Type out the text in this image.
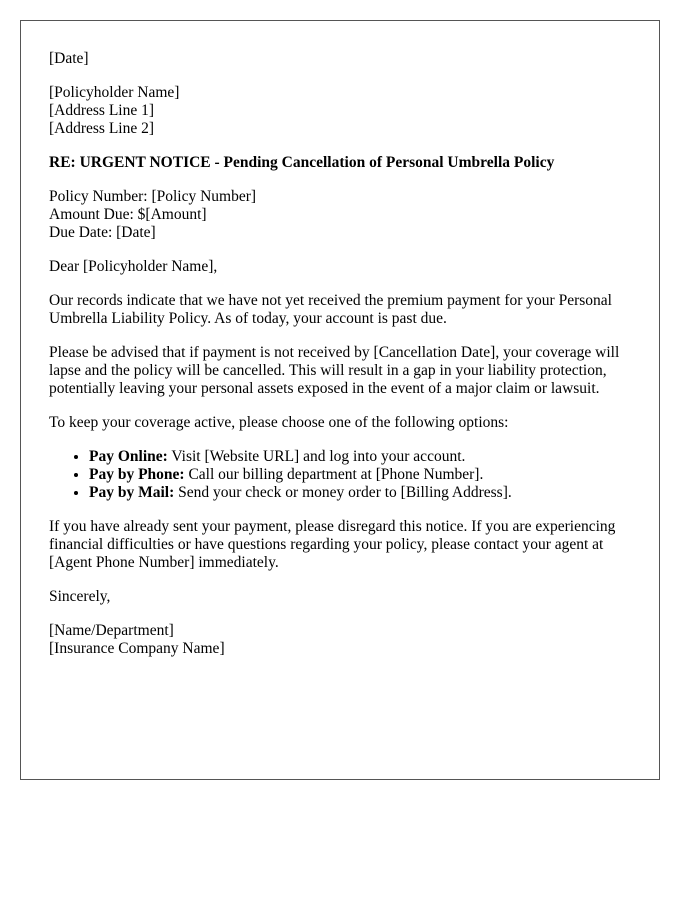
[Date]
[Policyholder Name]
[Address Line 1]
[Address Line 2]
RE: URGENT NOTICE - Pending Cancellation of Personal Umbrella Policy
Policy Number: [Policy Number]
Amount Due: $[Amount]
Due Date: [Date]

Dear [Policyholder Name],

Our records indicate that we have not yet received the premium payment for your Personal Umbrella Liability Policy. As of today, your account is past due.

Please be advised that if payment is not received by [Cancellation Date], your coverage will lapse and the policy will be cancelled. This will result in a gap in your liability protection, potentially leaving your personal assets exposed in the event of a major claim or lawsuit.

To keep your coverage active, please choose one of the following options:

• Pay Online: Visit [Website URL] and log into your account.
• Pay by Phone: Call our billing department at [Phone Number].
• Pay by Mail: Send your check or money order to [Billing Address].

If you have already sent your payment, please disregard this notice. If you are experiencing financial difficulties or have questions regarding your policy, please contact your agent at [Agent Phone Number] immediately.

Sincerely,

[Name/Department]
[Insurance Company Name]
